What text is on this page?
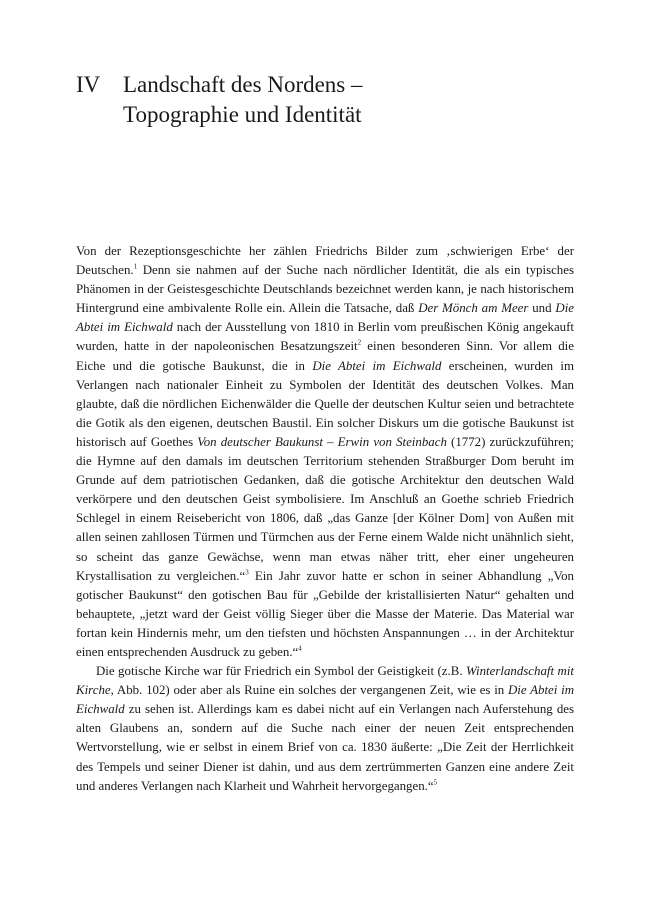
IV Landschaft des Nordens –
Topographie und Identität

Von der Rezeptionsgeschichte her zählen Friedrichs Bilder zum ‚schwierigen Erbe‘ der Deutschen.$^1$ Denn sie nahmen auf der Suche nach nördlicher Identität, die als ein typisches Phänomen in der Geistesgeschichte Deutschlands bezeichnet werden kann, je nach historischem Hintergrund eine ambivalente Rolle ein. Allein die Tatsache, daß Der Mönch am Meer und Die Abtei im Eichwald nach der Ausstellung von 1810 in Berlin vom preußischen König angekauft wurden, hatte in der napoleonischen Besatzungszeit$^2$ einen besonderen Sinn. Vor allem die Eiche und die gotische Baukunst, die in Die Abtei im Eichwald erscheinen, wurden im Verlangen nach nationaler Einheit zu Symbolen der Identität des deutschen Volkes. Man glaubte, daß die nördlichen Eichenwälder die Quelle der deutschen Kultur seien und betrachtete die Gotik als den eigenen, deutschen Baustil. Ein solcher Diskurs um die gotische Baukunst ist historisch auf Goethes Von deutscher Baukunst – Erwin von Steinbach (1772) zurückzuführen; die Hymne auf den damals im deutschen Territorium stehenden Straßburger Dom beruht im Grunde auf dem patriotischen Gedanken, daß die gotische Architektur den deutschen Wald verkörpere und den deutschen Geist symbolisiere. Im Anschluß an Goethe schrieb Friedrich Schlegel in einem Reisebericht von 1806, daß „das Ganze [der Kölner Dom] von Außen mit allen seinen zahllosen Türmen und Türmchen aus der Ferne einem Walde nicht unähnlich sieht, so scheint das ganze Gewächse, wenn man etwas näher tritt, eher einer ungeheuren Krystallisation zu vergleichen.“$^3$ Ein Jahr zuvor hatte er schon in seiner Abhandlung „Von gotischer Baukunst“ den gotischen Bau für „Gebilde der kristallisierten Natur“ gehalten und behauptete, „jetzt ward der Geist völlig Sieger über die Masse der Materie. Das Material war fortan kein Hindernis mehr, um den tiefsten und höchsten Anspannungen … in der Architektur einen entsprechenden Ausdruck zu geben.“$^4$

Die gotische Kirche war für Friedrich ein Symbol der Geistigkeit (z.B. Winterlandschaft mit Kirche, Abb. 102) oder aber als Ruine ein solches der vergangenen Zeit, wie es in Die Abtei im Eichwald zu sehen ist. Allerdings kam es dabei nicht auf ein Verlangen nach Auferstehung des alten Glaubens an, sondern auf die Suche nach einer der neuen Zeit entsprechenden Wertvorstellung, wie er selbst in einem Brief von ca. 1830 äußerte: „Die Zeit der Herrlichkeit des Tempels und seiner Diener ist dahin, und aus dem zertrümmerten Ganzen eine andere Zeit und anderes Verlangen nach Klarheit und Wahrheit hervorgegangen.“$^5$
